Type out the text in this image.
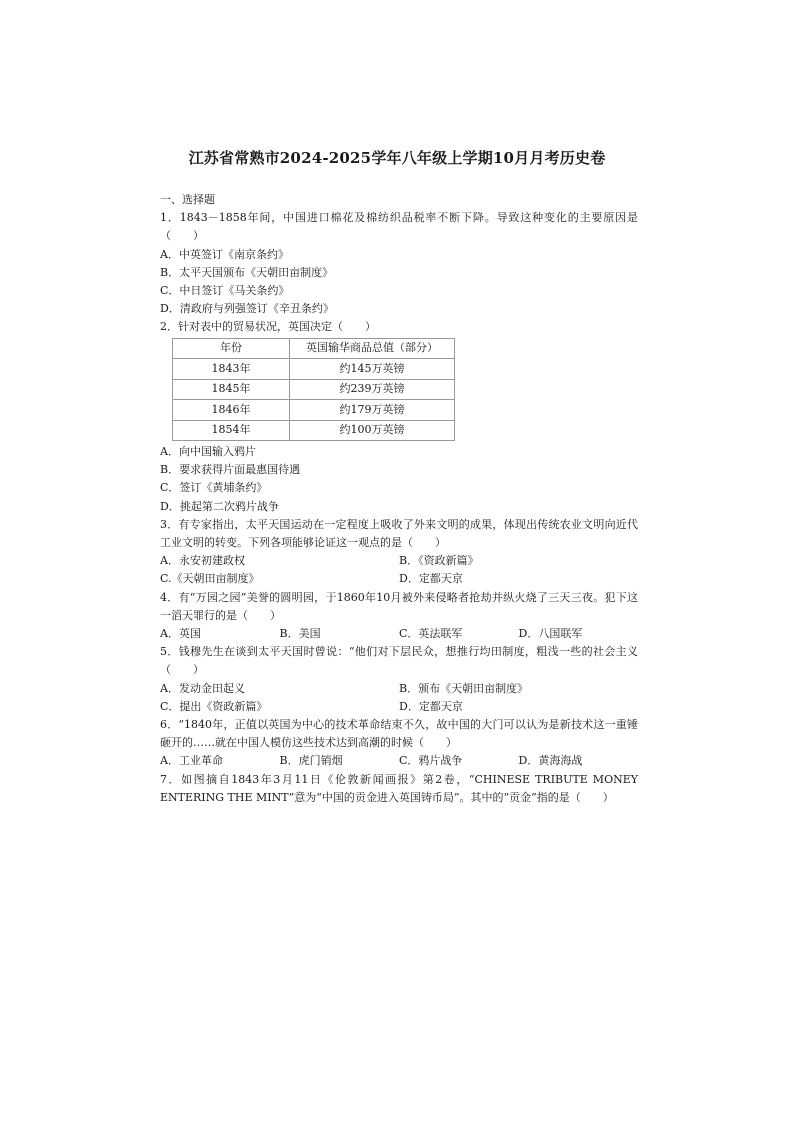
江苏省常熟市2024-2025学年八年级上学期10月月考历史卷
一、选择题
1．1843－1858年间，中国进口棉花及棉纺织品税率不断下降。导致这种变化的主要原因是（　　）
A．中英签订《南京条约》
B．太平天国颁布《天朝田亩制度》
C．中日签订《马关条约》
D．清政府与列强签订《辛丑条约》
2．针对表中的贸易状况，英国决定（　　）
年份	英国输华商品总值（部分）
1843年	约145万英镑
1845年	约239万英镑
1846年	约179万英镑
1854年	约100万英镑
A．向中国输入鸦片
B．要求获得片面最惠国待遇
C．签订《黄埔条约》
D．挑起第二次鸦片战争
3．有专家指出，太平天国运动在一定程度上吸收了外来文明的成果，体现出传统农业文明向近代工业文明的转变。下列各项能够论证这一观点的是（　　）
A．永安初建政权	B．《资政新篇》
C.《天朝田亩制度》	D．定都天京
4．有“万园之园”美誉的圆明园，于1860年10月被外来侵略者抢劫并纵火烧了三天三夜。犯下这一滔天罪行的是（　　）
A．英国	B．美国	C．英法联军	D．八国联军
5．钱穆先生在谈到太平天国时曾说：“他们对下层民众，想推行均田制度，粗浅一些的社会主义（　　）
A．发动金田起义	B．颁布《天朝田亩制度》
C．提出《资政新篇》	D．定都天京
6．“1840年，正值以英国为中心的技术革命结束不久，故中国的大门可以认为是新技术这一重锤砸开的……就在中国人模仿这些技术达到高潮的时候（　　）
A．工业革命	B．虎门销烟	C．鸦片战争	D．黄海海战
7．如图摘自1843年3月11日《伦敦新闻画报》第2卷，“CHINESE TRIBUTE MONEY ENTERING THE MINT”意为“中国的贡金进入英国铸币局”。其中的“贡金”指的是（　　）
